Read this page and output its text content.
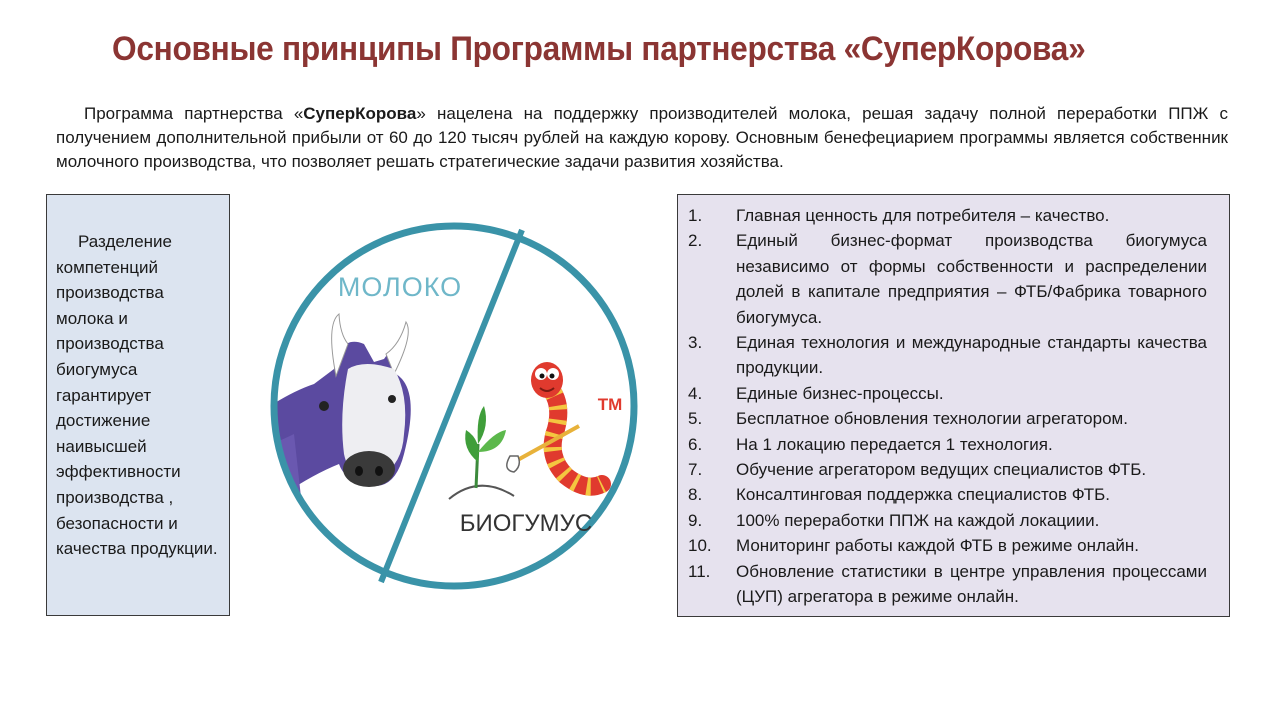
Основные принципы Программы партнерства «СуперКорова»
Программа партнерства «СуперКорова» нацелена на поддержку производителей молока, решая задачу полной переработки ППЖ с получением дополнительной прибыли от 60 до 120 тысяч рублей на каждую корову. Основным бенефециарием программы является собственник молочного производства, что позволяет решать стратегические задачи развития хозяйства.
Разделение компетенций производства молока и производства биогумуса гарантирует достижение наивысшей эффективности производства , безопасности и качества продукции.
МОЛОКО
БИОГУМУС
TM
1.	Главная ценность для потребителя – качество.
2.	Единый бизнес-формат производства биогумуса независимо от формы собственности и распределении долей в капитале предприятия – ФТБ/Фабрика товарного биогумуса.
3.	Единая технология и международные стандарты качества продукции.
4.	Единые бизнес-процессы.
5.	Бесплатное обновления технологии агрегатором.
6.	На 1 локацию передается 1 технология.
7.	Обучение агрегатором ведущих специалистов ФТБ.
8.	Консалтинговая поддержка специалистов ФТБ.
9.	100% переработки ППЖ на каждой локациии.
10.	Мониторинг работы каждой ФТБ в режиме онлайн.
11.	Обновление статистики в центре управления процессами (ЦУП) агрегатора в режиме онлайн.
